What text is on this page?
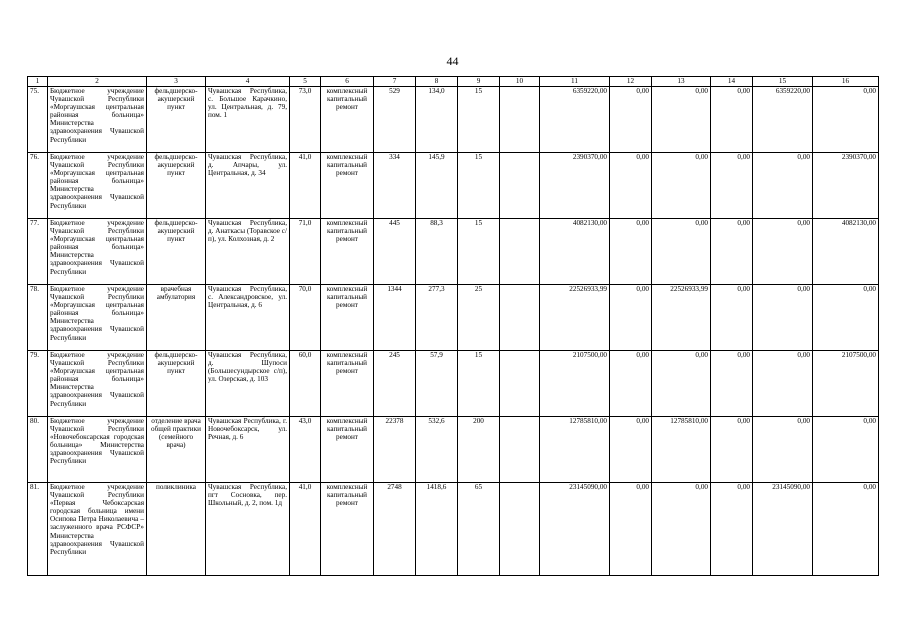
44
1	2	3	4	5	6	7	8	9	10	11	12	13	14	15	16
75.	Бюджетное учреждение Чувашской Республики «Моргаушская центральная районная больница» Министерства здравоохранения Чувашской Республики	фельдшерско-акушерский пункт	Чувашская Республика, с. Большое Карачкино, ул. Центральная, д. 79, пом. 1	73,0	комплексный капитальный ремонт	529	134,0	15		6359220,00	0,00	0,00	0,00	6359220,00	0,00
76.	Бюджетное учреждение Чувашской Республики «Моргаушская центральная районная больница» Министерства здравоохранения Чувашской Республики	фельдшерско-акушерский пункт	Чувашская Республика, д. Апчары, ул. Центральная, д. 34	41,0	комплексный капитальный ремонт	334	145,9	15		2390370,00	0,00	0,00	0,00	0,00	2390370,00
77.	Бюджетное учреждение Чувашской Республики «Моргаушская центральная районная больница» Министерства здравоохранения Чувашской Республики	фельдшерско-акушерский пункт	Чувашская Республика, д. Анаткасы (Торавское с/п), ул. Колхозная, д. 2	71,0	комплексный капитальный ремонт	445	88,3	15		4082130,00	0,00	0,00	0,00	0,00	4082130,00
78.	Бюджетное учреждение Чувашской Республики «Моргаушская центральная районная больница» Министерства здравоохранения Чувашской Республики	врачебная амбулатория	Чувашская Республика, с. Александровское, ул. Центральная, д. 6	70,0	комплексный капитальный ремонт	1344	277,3	25		22526933,99	0,00	22526933,99	0,00	0,00	0,00
79.	Бюджетное учреждение Чувашской Республики «Моргаушская центральная районная больница» Министерства здравоохранения Чувашской Республики	фельдшерско-акушерский пункт	Чувашская Республика, д. Шупоси (Большесундырское с/п), ул. Озерская, д. 103	60,0	комплексный капитальный ремонт	245	57,9	15		2107500,00	0,00	0,00	0,00	0,00	2107500,00
80.	Бюджетное учреждение Чувашской Республики «Новочебоксарская городская больница» Министерства здравоохранения Чувашской Республики	отделение врача общей практики (семейного врача)	Чувашская Республика, г. Новочебоксарск, ул. Речная, д. 6	43,0	комплексный капитальный ремонт	22378	532,6	200		12785810,00	0,00	12785810,00	0,00	0,00	0,00
81.	Бюджетное учреждение Чувашской Республики «Первая Чебоксарская городская больница имени Осипова Петра Николаевича – заслуженного врача РСФСР» Министерства здравоохранения Чувашской Республики	поликлиника	Чувашская Республика, пгт Сосновка, пер. Школьный, д. 2, пом. 1д	41,0	комплексный капитальный ремонт	2748	1418,6	65		23145090,00	0,00	0,00	0,00	23145090,00	0,00
